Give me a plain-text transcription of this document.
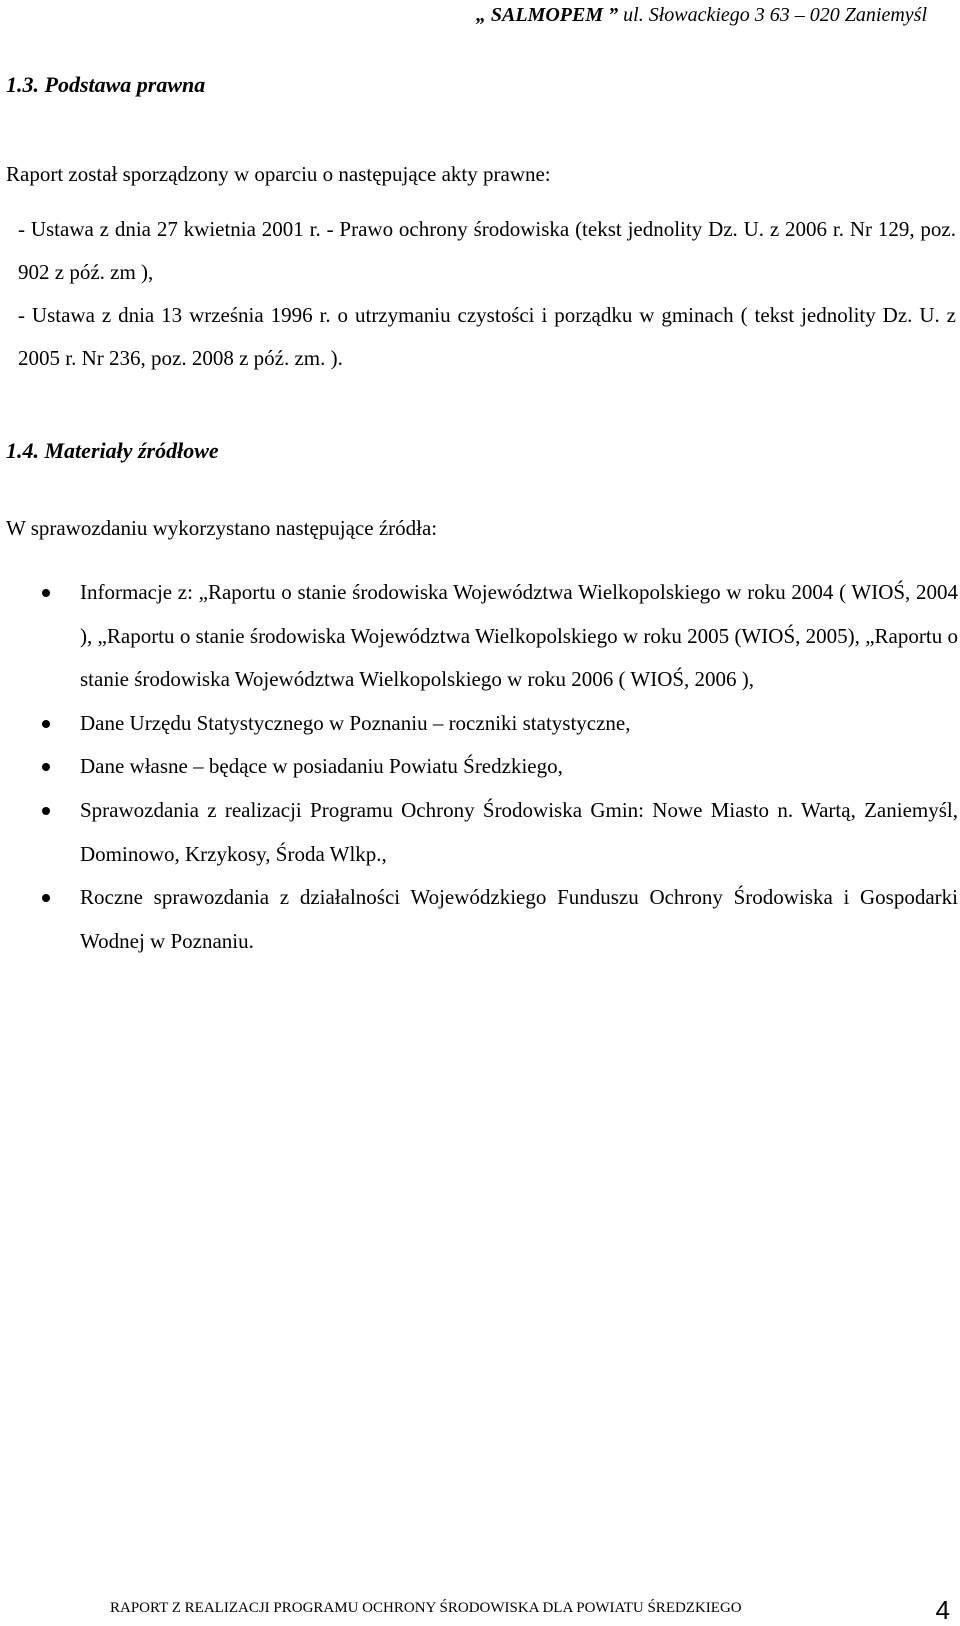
„ SALMOPEM ” ul. Słowackiego 3 63 – 020 Zaniemyśl
1.3. Podstawa prawna
Raport został sporządzony w oparciu o następujące akty prawne:

- Ustawa z dnia 27 kwietnia 2001 r. - Prawo ochrony środowiska (tekst jednolity Dz. U. z 2006 r. Nr 129, poz. 902 z póź. zm ),

- Ustawa z dnia 13 września 1996 r. o utrzymaniu czystości i porządku w gminach ( tekst jednolity Dz. U. z 2005 r. Nr 236, poz. 2008 z póź. zm. ).

1.4. Materiały źródłowe
W sprawozdaniu wykorzystano następujące źródła:
Informacje z: „Raportu o stanie środowiska Województwa Wielkopolskiego w roku 2004 ( WIOŚ, 2004 ), „Raportu o stanie środowiska Województwa Wielkopolskiego w roku 2005 (WIOŚ, 2005), „Raportu o stanie środowiska Województwa Wielkopolskiego w roku 2006 ( WIOŚ, 2006 ),
Dane Urzędu Statystycznego w Poznaniu – roczniki statystyczne,
Dane własne – będące w posiadaniu Powiatu Średzkiego,
Sprawozdania z realizacji Programu Ochrony Środowiska Gmin: Nowe Miasto n. Wartą, Zaniemyśl, Dominowo, Krzykosy, Środa Wlkp.,
Roczne sprawozdania z działalności Wojewódzkiego Funduszu Ochrony Środowiska i Gospodarki Wodnej w Poznaniu.
RAPORT Z REALIZACJI PROGRAMU OCHRONY ŚRODOWISKA DLA POWIATU ŚREDZKIEGO	4
